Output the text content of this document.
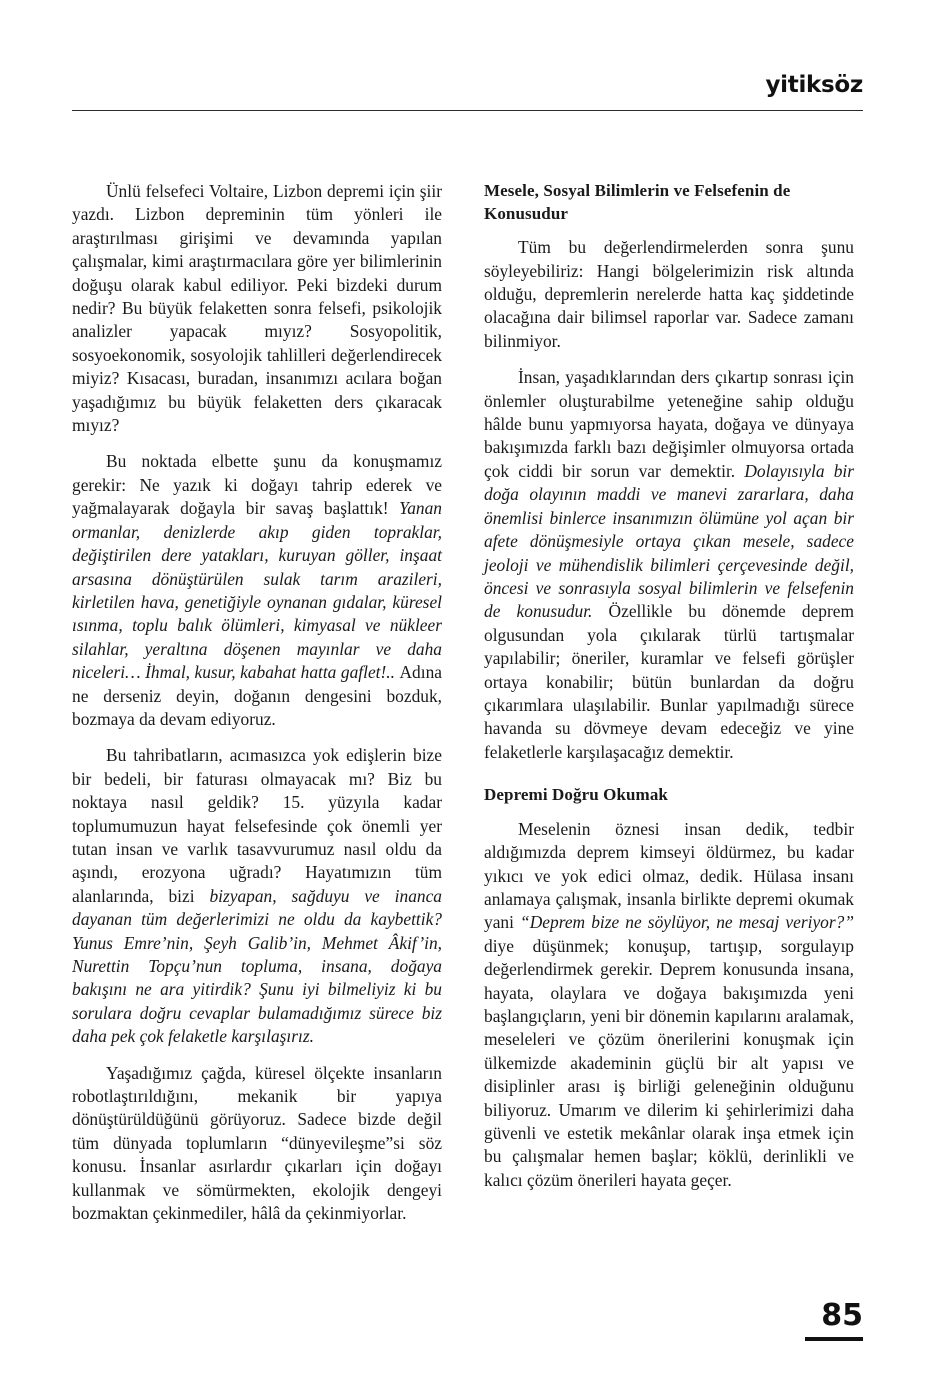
yitiksöz

Ünlü felsefeci Voltaire, Lizbon depremi için şiir yazdı. Lizbon depreminin tüm yönleri ile araştırılması girişimi ve devamında yapılan çalışmalar, kimi araştırmacılara göre yer bilimlerinin doğuşu olarak kabul ediliyor. Peki bizdeki durum nedir? Bu büyük felaketten sonra felsefi, psikolojik analizler yapacak mıyız? Sosyopolitik, sosyoekonomik, sosyolojik tahlilleri değerlendirecek miyiz? Kısacası, buradan, insanımızı acılara boğan yaşadığımız bu büyük felaketten ders çıkaracak mıyız?

Bu noktada elbette şunu da konuşmamız gerekir: Ne yazık ki doğayı tahrip ederek ve yağmalayarak doğayla bir savaş başlattık! Yanan ormanlar, denizlerde akıp giden topraklar, değiştirilen dere yatakları, kuruyan göller, inşaat arsasına dönüştürülen sulak tarım arazileri, kirletilen hava, genetiğiyle oynanan gıdalar, küresel ısınma, toplu balık ölümleri, kimyasal ve nükleer silahlar, yeraltına döşenen mayınlar ve daha niceleri… İhmal, kusur, kabahat hatta gaflet!.. Adına ne derseniz deyin, doğanın dengesini bozduk, bozmaya da devam ediyoruz.

Bu tahribatların, acımasızca yok edişlerin bize bir bedeli, bir faturası olmayacak mı? Biz bu noktaya nasıl geldik? 15. yüzyıla kadar toplumumuzun hayat felsefesinde çok önemli yer tutan insan ve varlık tasavvurumuz nasıl oldu da aşındı, erozyona uğradı? Hayatımızın tüm alanlarında, bizi bizyapan, sağduyu ve inanca dayanan tüm değerlerimizi ne oldu da kaybettik? Yunus Emre’nin, Şeyh Galib’in, Mehmet Âkif’in, Nurettin Topçu’nun topluma, insana, doğaya bakışını ne ara yitirdik? Şunu iyi bilmeliyiz ki bu sorulara doğru cevaplar bulamadığımız sürece biz daha pek çok felaketle karşılaşırız.

Yaşadığımız çağda, küresel ölçekte insanların robotlaştırıldığını, mekanik bir yapıya dönüştürüldüğünü görüyoruz. Sadece bizde değil tüm dünyada toplumların “dünyevileşme”si söz konusu. İnsanlar asırlardır çıkarları için doğayı kullanmak ve sömürmekten, ekolojik dengeyi bozmaktan çekinmediler, hâlâ da çekinmiyorlar.

Mesele, Sosyal Bilimlerin ve Felsefenin de Konusudur

Tüm bu değerlendirmelerden sonra şunu söyleyebiliriz: Hangi bölgelerimizin risk altında olduğu, depremlerin nerelerde hatta kaç şiddetinde olacağına dair bilimsel raporlar var. Sadece zamanı bilinmiyor.

İnsan, yaşadıklarından ders çıkartıp sonrası için önlemler oluşturabilme yeteneğine sahip olduğu hâlde bunu yapmıyorsa hayata, doğaya ve dünyaya bakışımızda farklı bazı değişimler olmuyorsa ortada çok ciddi bir sorun var demektir. Dolayısıyla bir doğa olayının maddi ve manevi zararlara, daha önemlisi binlerce insanımızın ölümüne yol açan bir afete dönüşmesiyle ortaya çıkan mesele, sadece jeoloji ve mühendislik bilimleri çerçevesinde değil, öncesi ve sonrasıyla sosyal bilimlerin ve felsefenin de konusudur. Özellikle bu dönemde deprem olgusundan yola çıkılarak türlü tartışmalar yapılabilir; öneriler, kuramlar ve felsefi görüşler ortaya konabilir; bütün bunlardan da doğru çıkarımlara ulaşılabilir. Bunlar yapılmadığı sürece havanda su dövmeye devam edeceğiz ve yine felaketlerle karşılaşacağız demektir.

Depremi Doğru Okumak

Meselenin öznesi insan dedik, tedbir aldığımızda deprem kimseyi öldürmez, bu kadar yıkıcı ve yok edici olmaz, dedik. Hülasa insanı anlamaya çalışmak, insanla birlikte depremi okumak yani “Deprem bize ne söylüyor, ne mesaj veriyor?” diye düşünmek; konuşup, tartışıp, sorgulayıp değerlendirmek gerekir. Deprem konusunda insana, hayata, olaylara ve doğaya bakışımızda yeni başlangıçların, yeni bir dönemin kapılarını aralamak, meseleleri ve çözüm önerilerini konuşmak için ülkemizde akademinin güçlü bir alt yapısı ve disiplinler arası iş birliği geleneğinin olduğunu biliyoruz. Umarım ve dilerim ki şehirlerimizi daha güvenli ve estetik mekânlar olarak inşa etmek için bu çalışmalar hemen başlar; köklü, derinlikli ve kalıcı çözüm önerileri hayata geçer.

85
